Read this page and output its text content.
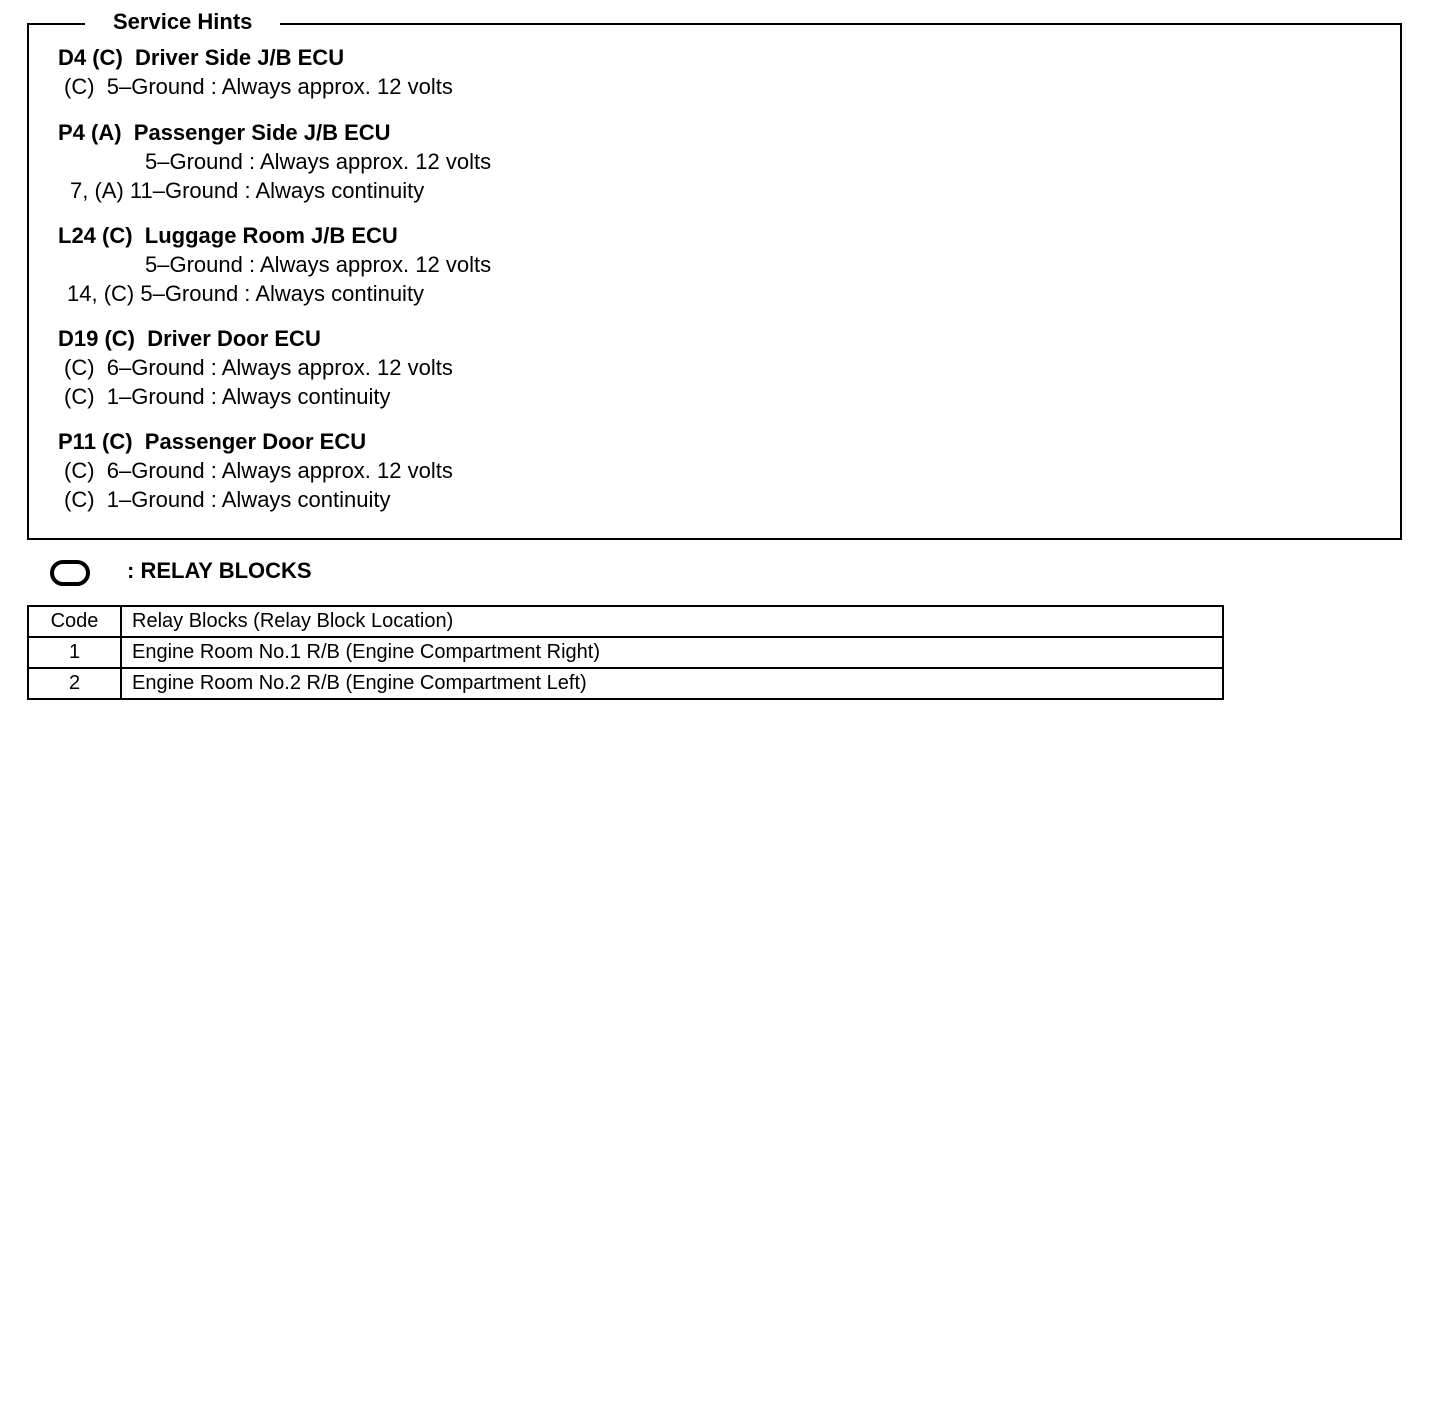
Service Hints
D4 (C)  Driver Side J/B ECU
(C)  5–Ground : Always approx. 12 volts
P4 (A)  Passenger Side J/B ECU
5–Ground : Always approx. 12 volts
7, (A) 11–Ground : Always continuity
L24 (C)  Luggage Room J/B ECU
5–Ground : Always approx. 12 volts
14, (C) 5–Ground : Always continuity
D19 (C)  Driver Door ECU
(C)  6–Ground : Always approx. 12 volts
(C)  1–Ground : Always continuity
P11 (C)  Passenger Door ECU
(C)  6–Ground : Always approx. 12 volts
(C)  1–Ground : Always continuity
: RELAY BLOCKS
Code	Relay Blocks (Relay Block Location)
1	Engine Room No.1 R/B (Engine Compartment Right)
2	Engine Room No.2 R/B (Engine Compartment Left)
